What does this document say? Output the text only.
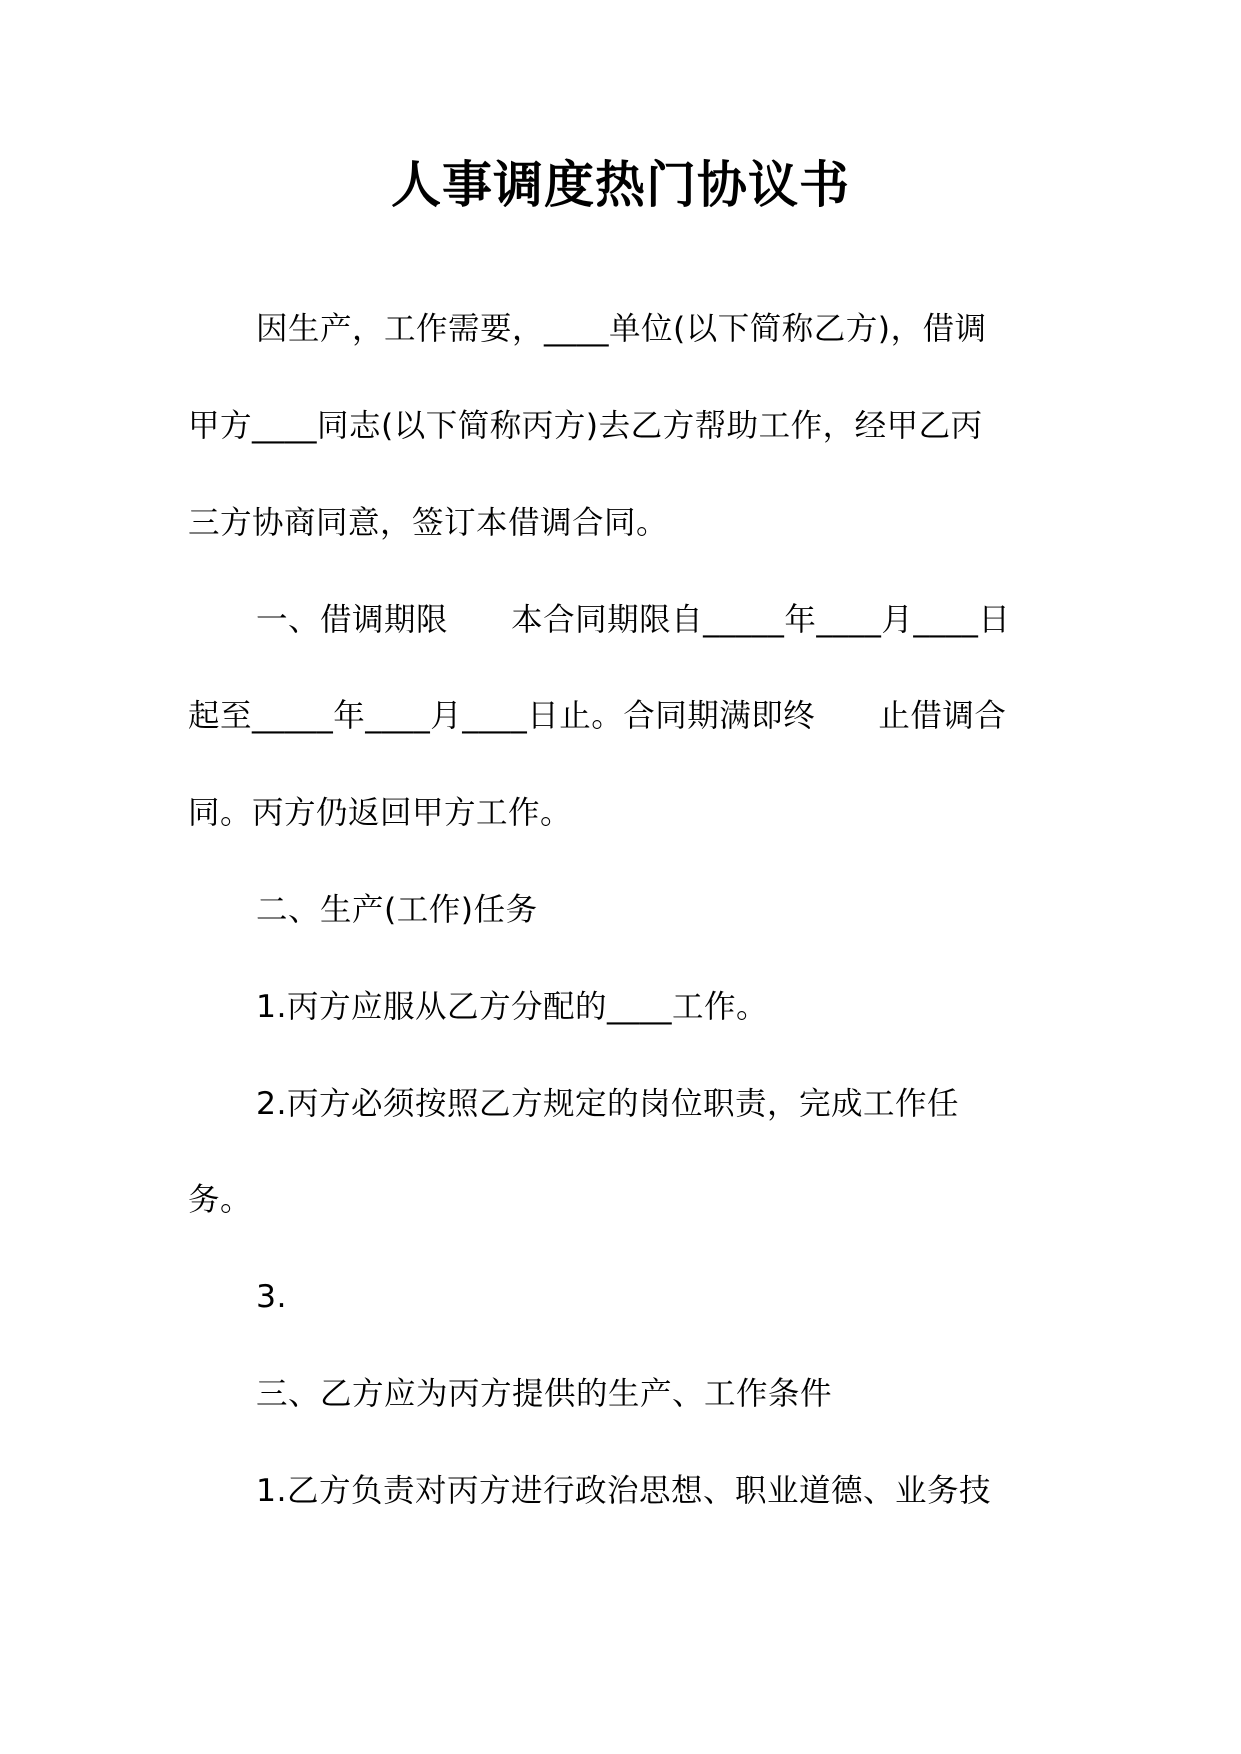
人事调度热门协议书
因生产，工作需要，____单位(以下简称乙方)，借调
甲方____同志(以下简称丙方)去乙方帮助工作，经甲乙丙
三方协商同意，签订本借调合同。
一、借调期限      本合同期限自_____年____月____日
起至_____年____月____日止。合同期满即终      止借调合
同。丙方仍返回甲方工作。
二、生产(工作)任务
1.丙方应服从乙方分配的____工作。
2.丙方必须按照乙方规定的岗位职责，完成工作任
务。
3.
三、乙方应为丙方提供的生产、工作条件
1.乙方负责对丙方进行政治思想、职业道德、业务技
